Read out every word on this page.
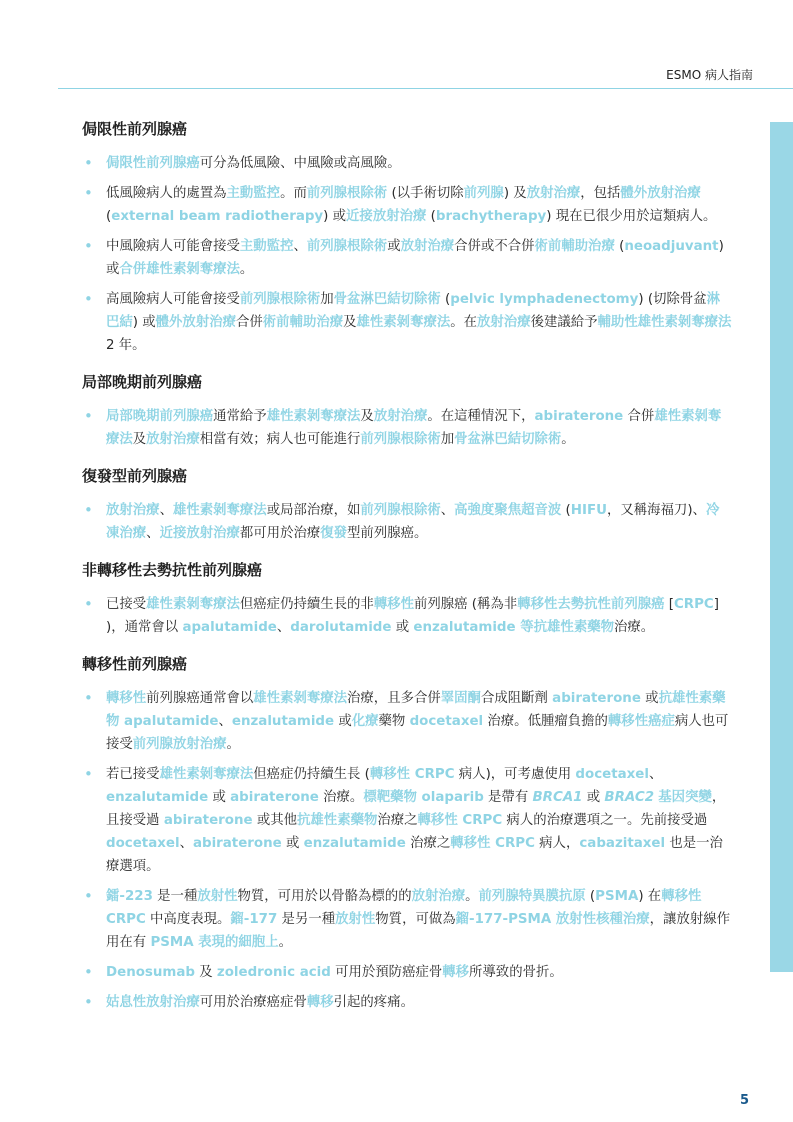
ESMO 病人指南
侷限性前列腺癌
• 侷限性前列腺癌可分為低風險、中風險或高風險。
• 低風險病人的處置為主動監控。而前列腺根除術 (以手術切除前列腺) 及放射治療，包括體外放射治療 (external beam radiotherapy) 或近接放射治療 (brachytherapy) 現在已很少用於這類病人。
• 中風險病人可能會接受主動監控、前列腺根除術或放射治療合併或不合併術前輔助治療 (neoadjuvant) 或合併雄性素剝奪療法。
• 高風險病人可能會接受前列腺根除術加骨盆淋巴結切除術 (pelvic lymphadenectomy) (切除骨盆淋巴結) 或體外放射治療合併術前輔助治療及雄性素剝奪療法。在放射治療後建議給予輔助性雄性素剝奪療法 2 年。
局部晚期前列腺癌
• 局部晚期前列腺癌通常給予雄性素剝奪療法及放射治療。在這種情況下，abiraterone 合併雄性素剝奪療法及放射治療相當有效；病人也可能進行前列腺根除術加骨盆淋巴結切除術。
復發型前列腺癌
• 放射治療、雄性素剝奪療法或局部治療，如前列腺根除術、高強度聚焦超音波 (HIFU，又稱海福刀)、冷凍治療、近接放射治療都可用於治療復發型前列腺癌。
非轉移性去勢抗性前列腺癌
• 已接受雄性素剝奪療法但癌症仍持續生長的非轉移性前列腺癌 (稱為非轉移性去勢抗性前列腺癌 [CRPC] )，通常會以 apalutamide、darolutamide 或 enzalutamide 等抗雄性素藥物治療。
轉移性前列腺癌
• 轉移性前列腺癌通常會以雄性素剝奪療法治療，且多合併睪固酮合成阻斷劑 abiraterone 或抗雄性素藥物 apalutamide、enzalutamide 或化療藥物 docetaxel 治療。低腫瘤負擔的轉移性癌症病人也可接受前列腺放射治療。
• 若已接受雄性素剝奪療法但癌症仍持續生長 (轉移性 CRPC 病人)，可考慮使用 docetaxel、enzalutamide 或 abiraterone 治療。標靶藥物 olaparib 是帶有 BRCA1 或 BRAC2 基因突變，且接受過 abiraterone 或其他抗雄性素藥物治療之轉移性 CRPC 病人的治療選項之一。先前接受過 docetaxel、abiraterone 或 enzalutamide 治療之轉移性 CRPC 病人，cabazitaxel 也是一治療選項。
• 鐳-223 是一種放射性物質，可用於以骨骼為標的的放射治療。前列腺特異膜抗原 (PSMA) 在轉移性 CRPC 中高度表現。鎦-177 是另一種放射性物質，可做為鎦-177-PSMA 放射性核種治療，讓放射線作用在有 PSMA 表現的細胞上。
• Denosumab 及 zoledronic acid 可用於預防癌症骨轉移所導致的骨折。
• 姑息性放射治療可用於治療癌症骨轉移引起的疼痛。
5
